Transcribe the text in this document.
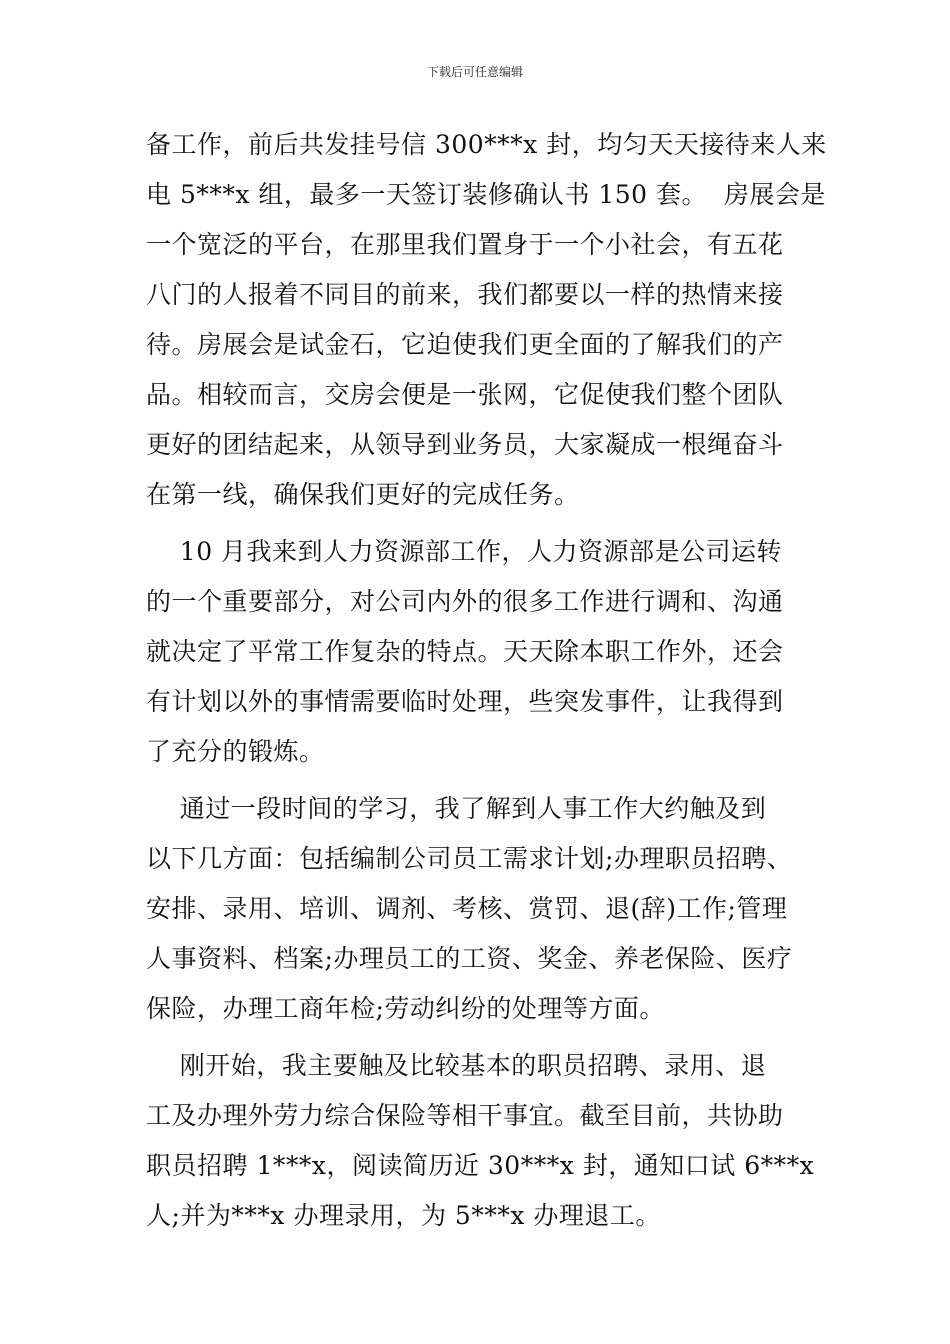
下载后可任意编辑
备工作，前后共发挂号信 300***x 封，均匀天天接待来人来
电 5***x 组，最多一天签订装修确认书 150 套。  房展会是
一个宽泛的平台，在那里我们置身于一个小社会，有五花
八门的人报着不同目的前来，我们都要以一样的热情来接
待。房展会是试金石，它迫使我们更全面的了解我们的产
品。相较而言，交房会便是一张网，它促使我们整个团队
更好的团结起来，从领导到业务员，大家凝成一根绳奋斗
在第一线，确保我们更好的完成任务。
10 月我来到人力资源部工作，人力资源部是公司运转
的一个重要部分，对公司内外的很多工作进行调和、沟通
就决定了平常工作复杂的特点。天天除本职工作外，还会
有计划以外的事情需要临时处理，些突发事件，让我得到
了充分的锻炼。
通过一段时间的学习，我了解到人事工作大约触及到
以下几方面：包括编制公司员工需求计划;办理职员招聘、
安排、录用、培训、调剂、考核、赏罚、退(辞)工作;管理
人事资料、档案;办理员工的工资、奖金、养老保险、医疗
保险，办理工商年检;劳动纠纷的处理等方面。
刚开始，我主要触及比较基本的职员招聘、录用、退
工及办理外劳力综合保险等相干事宜。截至目前，共协助
职员招聘 1***x，阅读简历近 30***x 封，通知口试 6***x
人;并为***x 办理录用，为 5***x 办理退工。
